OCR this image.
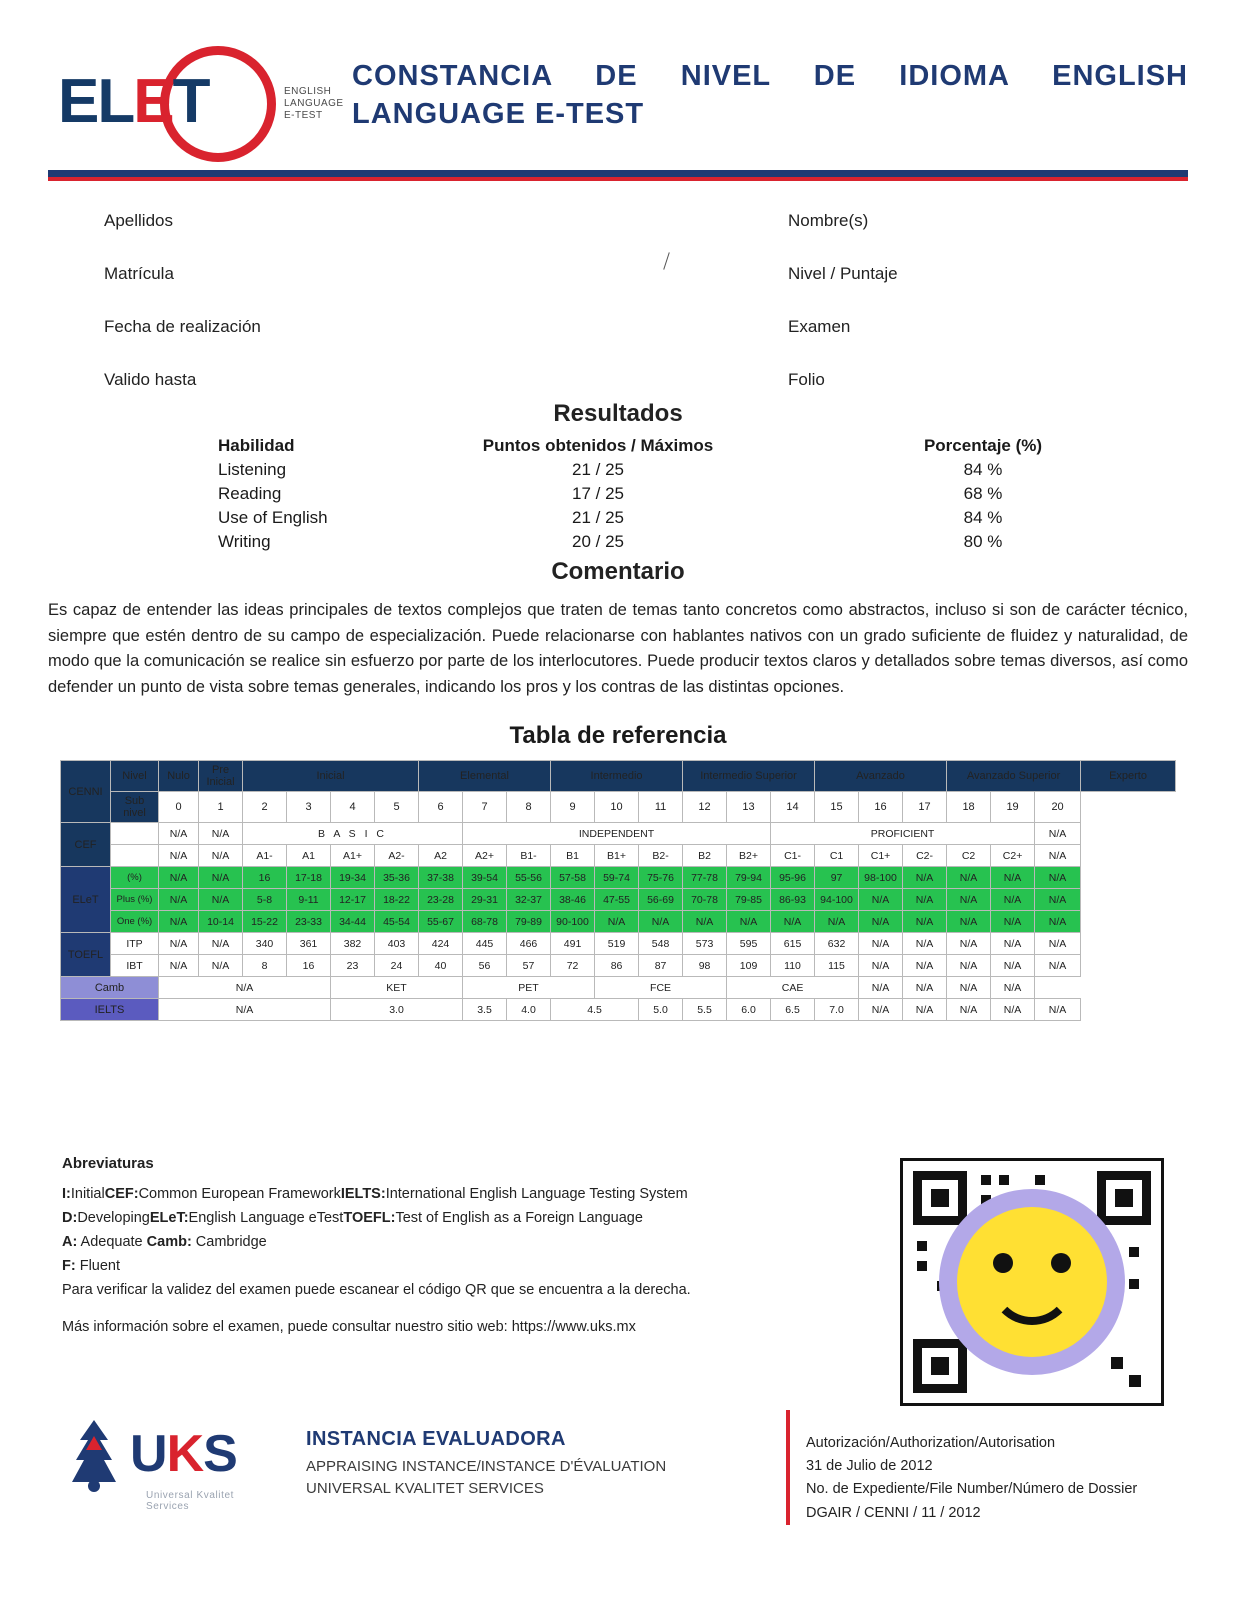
ELET	ENGLISH
LANGUAGE
E-TEST
CONSTANCIA DE NIVEL DE IDIOMA ENGLISH LANGUAGE E-TEST
Apellidos	Nombre(s)
Matrícula	Nivel / Puntaje
Fecha de realización	Examen
Valido hasta	Folio
Resultados
Habilidad	Puntos obtenidos / Máximos	Porcentaje (%)
Listening	21 / 25	84 %
Reading	17 / 25	68 %
Use of English	21 / 25	84 %
Writing	20 / 25	80 %
Comentario
Es capaz de entender las ideas principales de textos complejos que traten de temas tanto concretos como abstractos, incluso si son de carácter técnico, siempre que estén dentro de su campo de especialización. Puede relacionarse con hablantes nativos con un grado suficiente de fluidez y naturalidad, de modo que la comunicación se realice sin esfuerzo por parte de los interlocutores. Puede producir textos claros y detallados sobre temas diversos, así como defender un punto de vista sobre temas generales, indicando los pros y los contras de las distintas opciones.
Tabla de referencia
CENNI	Nivel	Nulo	Pre Inicial	Inicial				Elemental			Intermedio			Intermedio Superior			Avanzado			Avanzado Superior			Experto
	Sub nivel	0	1	2	3	4	5	6	7	8	9	10	11	12	13	14	15	16	17	18	19	20	
CEF		N/A	N/A	B A S I C					INDEPENDENT							PROFICIENT						N/A	
		N/A	N/A	A1-	A1	A1+	A2-	A2	A2+	B1-	B1	B1+	B2-	B2	B2+	C1-	C1	C1+	C2-	C2	C2+	N/A	
ELeT	(%)	N/A	N/A	16	17-18	19-34	35-36	37-38	39-54	55-56	57-58	59-74	75-76	77-78	79-94	95-96	97	98-100	N/A	N/A	N/A	N/A	
	Plus (%)	N/A	N/A	5-8	9-11	12-17	18-22	23-28	29-31	32-37	38-46	47-55	56-69	70-78	79-85	86-93	94-100	N/A	N/A	N/A	N/A	N/A	
	One (%)	N/A	10-14	15-22	23-33	34-44	45-54	55-67	68-78	79-89	90-100	N/A	N/A	N/A	N/A	N/A	N/A	N/A	N/A	N/A	N/A	N/A	
TOEFL	ITP	N/A	N/A	340	361	382	403	424	445	466	491	519	548	573	595	615	632	N/A	N/A	N/A	N/A	N/A	
	IBT	N/A	N/A	8	16	23	24	40	56	57	72	86	87	98	109	110	115	N/A	N/A	N/A	N/A	N/A	
Camb		N/A				KET			PET			FCE			CAE			N/A	N/A	N/A	N/A		
IELTS		N/A				3.0			3.5	4.0	4.5		5.0	5.5	6.0	6.5	7.0	N/A	N/A	N/A	N/A	N/A	
Abreviaturas

I:InitialCEF:Common European FrameworkIELTS:International English Language Testing System

D:DevelopingELeT:English Language eTestTOEFL:Test of English as a Foreign Language

A: Adequate Camb: Cambridge

F: Fluent

Para verificar la validez del examen puede escanear el código QR que se encuentra a la derecha.

Más información sobre el examen, puede consultar nuestro sitio web: https://www.uks.mx

UKS
Universal Kvalitet Services
INSTANCIA EVALUADORA
APPRAISING INSTANCE/INSTANCE D'ÉVALUATION
UNIVERSAL KVALITET SERVICES
Autorización/Authorization/Autorisation
31 de Julio de 2012
No. de Expediente/File Number/Número de Dossier
DGAIR / CENNI / 11 / 2012
